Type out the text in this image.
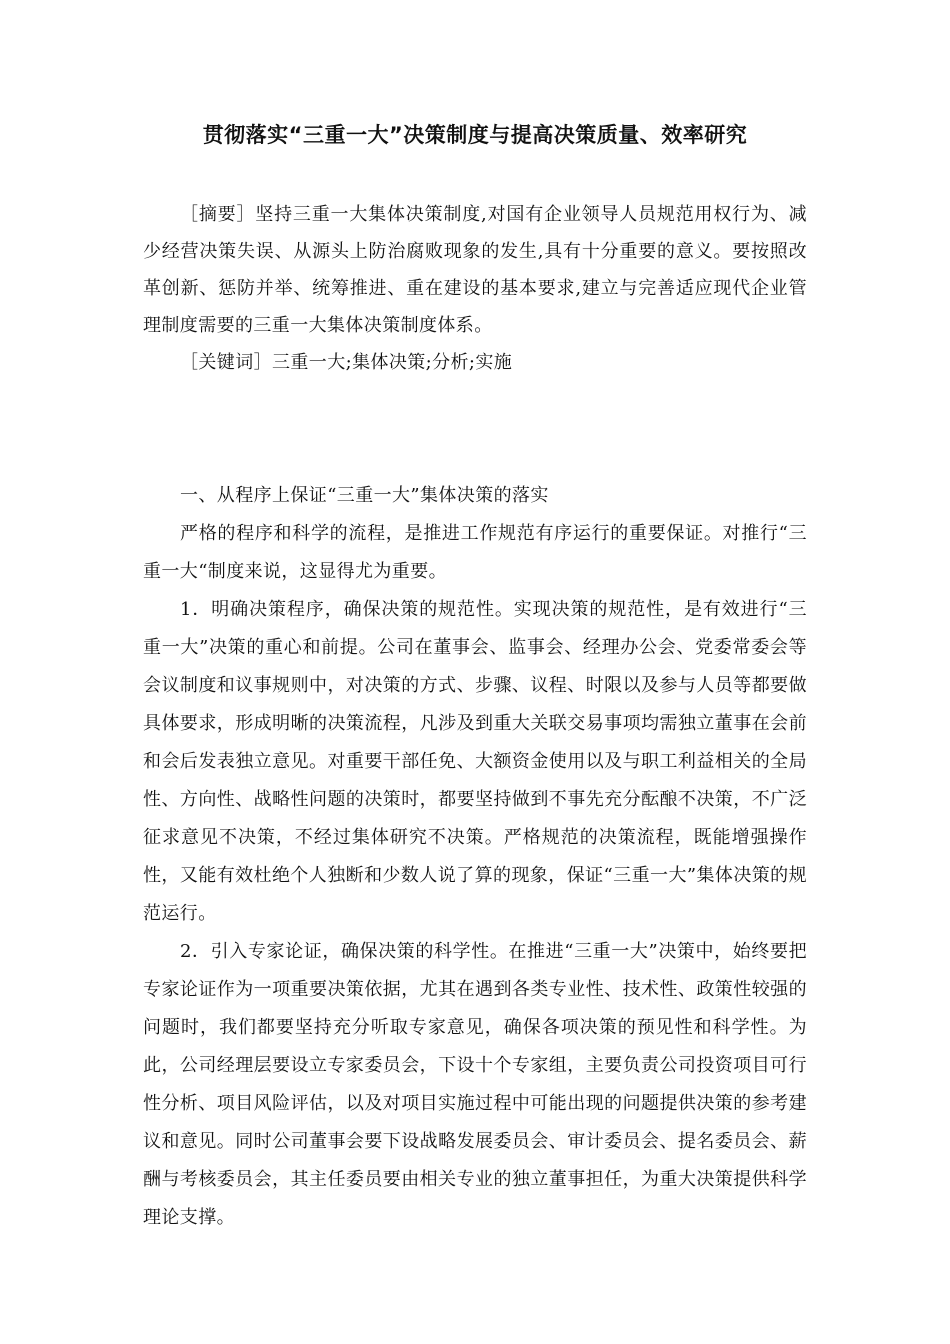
贯彻落实“三重一大”决策制度与提高决策质量、效率研究

［摘要］坚持三重一大集体决策制度,对国有企业领导人员规范用权行为、减少经营决策失误、从源头上防治腐败现象的发生,具有十分重要的意义。要按照改革创新、惩防并举、统筹推进、重在建设的基本要求,建立与完善适应现代企业管理制度需要的三重一大集体决策制度体系。

［关键词］三重一大;集体决策;分析;实施

一、从程序上保证“三重一大”集体决策的落实

严格的程序和科学的流程，是推进工作规范有序运行的重要保证。对推行“三重一大“制度来说，这显得尤为重要。

1．明确决策程序，确保决策的规范性。实现决策的规范性，是有效进行“三重一大”决策的重心和前提。公司在董事会、监事会、经理办公会、党委常委会等会议制度和议事规则中，对决策的方式、步骤、议程、时限以及参与人员等都要做具体要求，形成明晰的决策流程，凡涉及到重大关联交易事项均需独立董事在会前和会后发表独立意见。对重要干部任免、大额资金使用以及与职工利益相关的全局性、方向性、战略性问题的决策时，都要坚持做到不事先充分酝酿不决策，不广泛征求意见不决策，不经过集体研究不决策。严格规范的决策流程，既能增强操作性，又能有效杜绝个人独断和少数人说了算的现象，保证“三重一大”集体决策的规范运行。

2．引入专家论证，确保决策的科学性。在推进“三重一大”决策中，始终要把专家论证作为一项重要决策依据，尤其在遇到各类专业性、技术性、政策性较强的问题时，我们都要坚持充分听取专家意见，确保各项决策的预见性和科学性。为此，公司经理层要设立专家委员会，下设十个专家组，主要负责公司投资项目可行性分析、项目风险评估，以及对项目实施过程中可能出现的问题提供决策的参考建议和意见。同时公司董事会要下设战略发展委员会、审计委员会、提名委员会、薪酬与考核委员会，其主任委员要由相关专业的独立董事担任，为重大决策提供科学理论支撑。
